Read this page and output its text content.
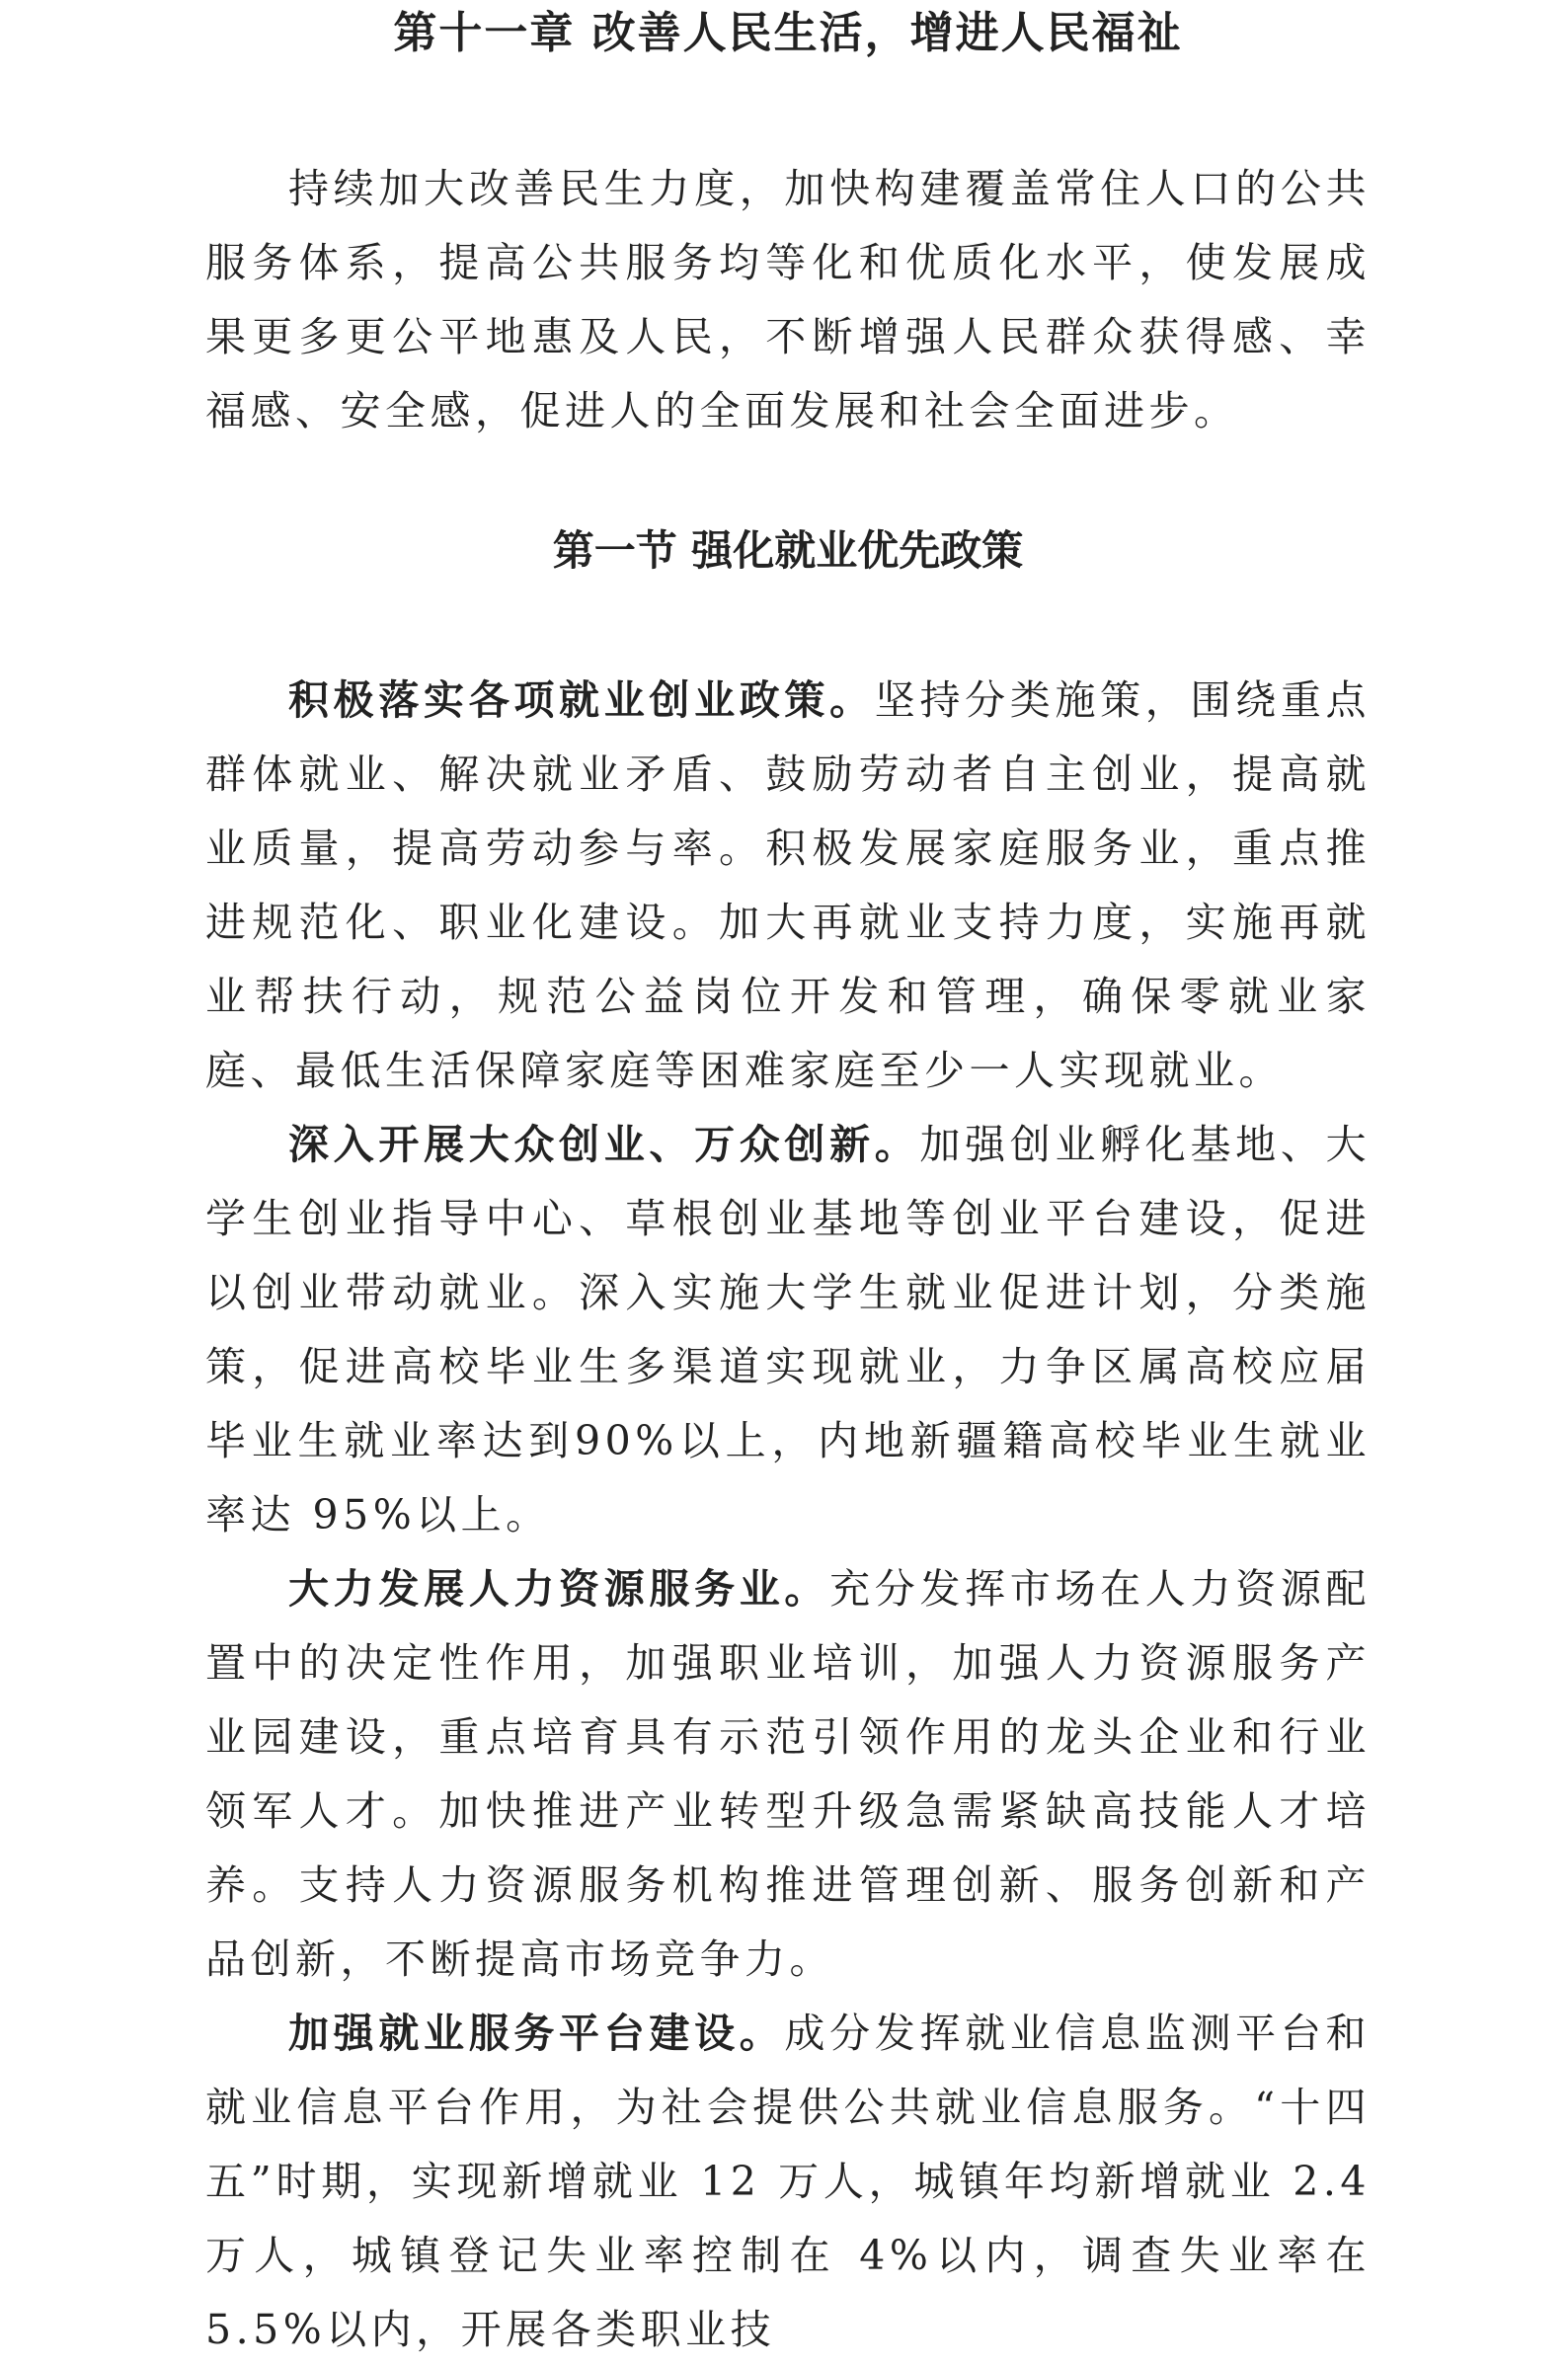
第十一章 改善人民生活，增进人民福祉

持续加大改善民生力度，加快构建覆盖常住人口的公共服务体系，提高公共服务均等化和优质化水平，使发展成果更多更公平地惠及人民，不断增强人民群众获得感、幸福感、安全感，促进人的全面发展和社会全面进步。

第一节 强化就业优先政策

积极落实各项就业创业政策。坚持分类施策，围绕重点群体就业、解决就业矛盾、鼓励劳动者自主创业，提高就业质量，提高劳动参与率。积极发展家庭服务业，重点推进规范化、职业化建设。加大再就业支持力度，实施再就业帮扶行动，规范公益岗位开发和管理，确保零就业家庭、最低生活保障家庭等困难家庭至少一人实现就业。

深入开展大众创业、万众创新。加强创业孵化基地、大学生创业指导中心、草根创业基地等创业平台建设，促进以创业带动就业。深入实施大学生就业促进计划，分类施策，促进高校毕业生多渠道实现就业，力争区属高校应届毕业生就业率达到90%以上，内地新疆籍高校毕业生就业率达 95%以上。

大力发展人力资源服务业。充分发挥市场在人力资源配置中的决定性作用，加强职业培训，加强人力资源服务产业园建设，重点培育具有示范引领作用的龙头企业和行业领军人才。加快推进产业转型升级急需紧缺高技能人才培养。支持人力资源服务机构推进管理创新、服务创新和产品创新，不断提高市场竞争力。

加强就业服务平台建设。成分发挥就业信息监测平台和就业信息平台作用，为社会提供公共就业信息服务。“十四五”时期，实现新增就业 12 万人，城镇年均新增就业 2.4 万人，城镇登记失业率控制在 4%以内，调查失业率在 5.5%以内，开展各类职业技
